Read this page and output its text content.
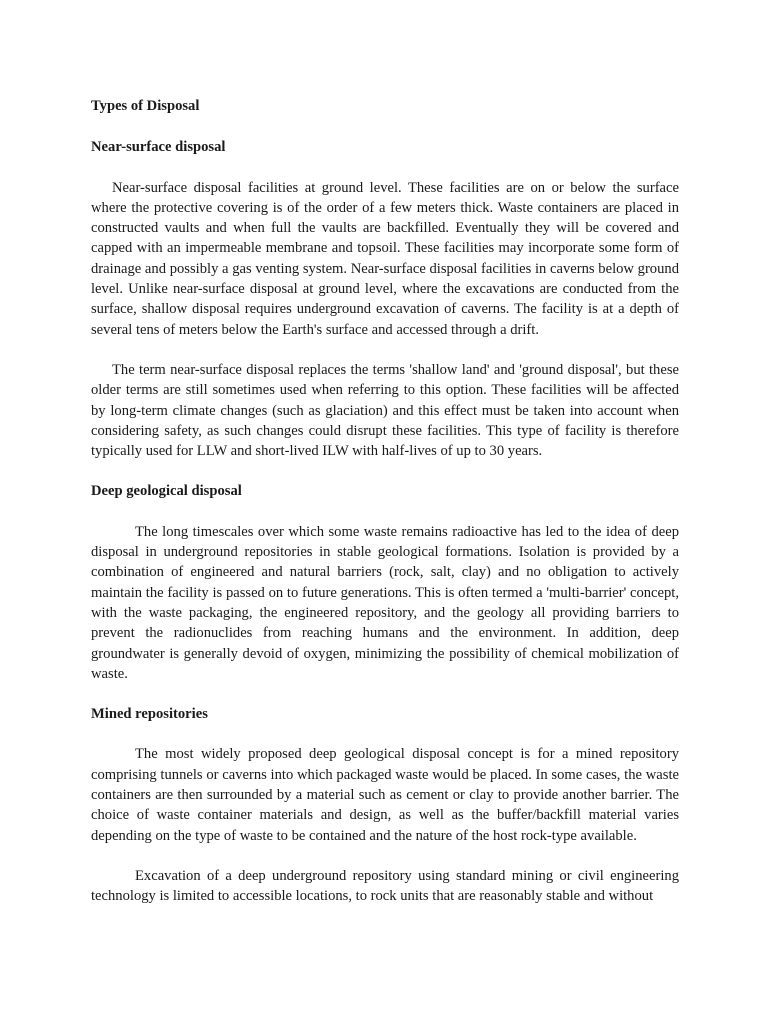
Types of Disposal

Near-surface disposal

Near-surface disposal facilities at ground level. These facilities are on or below the surface where the protective covering is of the order of a few meters thick. Waste containers are placed in constructed vaults and when full the vaults are backfilled. Eventually they will be covered and capped with an impermeable membrane and topsoil. These facilities may incorporate some form of drainage and possibly a gas venting system. Near-surface disposal facilities in caverns below ground level. Unlike near-surface disposal at ground level, where the excavations are conducted from the surface, shallow disposal requires underground excavation of caverns. The facility is at a depth of several tens of meters below the Earth's surface and accessed through a drift.

The term near-surface disposal replaces the terms 'shallow land' and 'ground disposal', but these older terms are still sometimes used when referring to this option. These facilities will be affected by long-term climate changes (such as glaciation) and this effect must be taken into account when considering safety, as such changes could disrupt these facilities. This type of facility is therefore typically used for LLW and short-lived ILW with half-lives of up to 30 years.

Deep geological disposal

The long timescales over which some waste remains radioactive has led to the idea of deep disposal in underground repositories in stable geological formations. Isolation is provided by a combination of engineered and natural barriers (rock, salt, clay) and no obligation to actively maintain the facility is passed on to future generations. This is often termed a 'multi-barrier' concept, with the waste packaging, the engineered repository, and the geology all providing barriers to prevent the radionuclides from reaching humans and the environment. In addition, deep groundwater is generally devoid of oxygen, minimizing the possibility of chemical mobilization of waste.

Mined repositories

The most widely proposed deep geological disposal concept is for a mined repository comprising tunnels or caverns into which packaged waste would be placed. In some cases, the waste containers are then surrounded by a material such as cement or clay to provide another barrier. The choice of waste container materials and design, as well as the buffer/backfill material varies depending on the type of waste to be contained and the nature of the host rock-type available.

Excavation of a deep underground repository using standard mining or civil engineering technology is limited to accessible locations, to rock units that are reasonably stable and without
